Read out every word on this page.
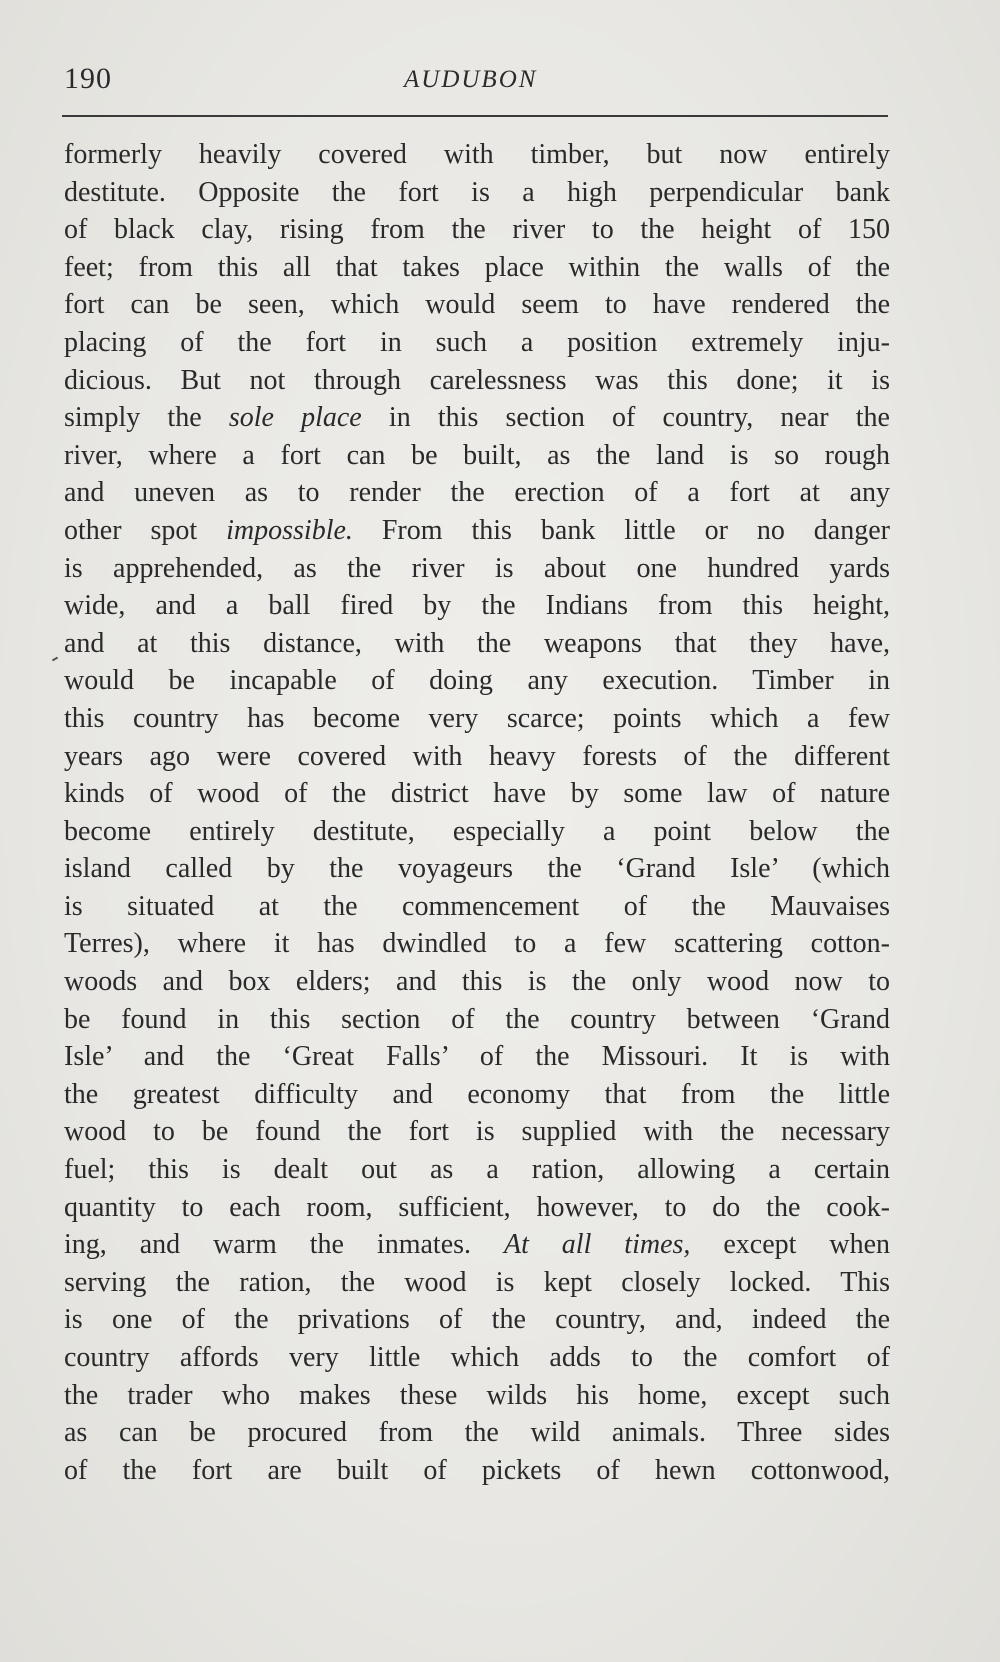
190	AUDUBON
formerly heavily covered with timber, but now entirely
destitute. Opposite the fort is a high perpendicular bank
of black clay, rising from the river to the height of 150
feet; from this all that takes place within the walls of the
fort can be seen, which would seem to have rendered the
placing of the fort in such a position extremely inju-
dicious. But not through carelessness was this done; it is
simply the sole place in this section of country, near the
river, where a fort can be built, as the land is so rough
and uneven as to render the erection of a fort at any
other spot impossible. From this bank little or no danger
is apprehended, as the river is about one hundred yards
wide, and a ball fired by the Indians from this height,
and at this distance, with the weapons that they have,
would be incapable of doing any execution. Timber in
this country has become very scarce; points which a few
years ago were covered with heavy forests of the different
kinds of wood of the district have by some law of nature
become entirely destitute, especially a point below the
island called by the voyageurs the ‘Grand Isle’ (which
is situated at the commencement of the Mauvaises
Terres), where it has dwindled to a few scattering cotton-
woods and box elders; and this is the only wood now to
be found in this section of the country between ‘Grand
Isle’ and the ‘Great Falls’ of the Missouri. It is with
the greatest difficulty and economy that from the little
wood to be found the fort is supplied with the necessary
fuel; this is dealt out as a ration, allowing a certain
quantity to each room, sufficient, however, to do the cook-
ing, and warm the inmates. At all times, except when
serving the ration, the wood is kept closely locked. This
is one of the privations of the country, and, indeed the
country affords very little which adds to the comfort of
the trader who makes these wilds his home, except such
as can be procured from the wild animals. Three sides
of the fort are built of pickets of hewn cottonwood,
